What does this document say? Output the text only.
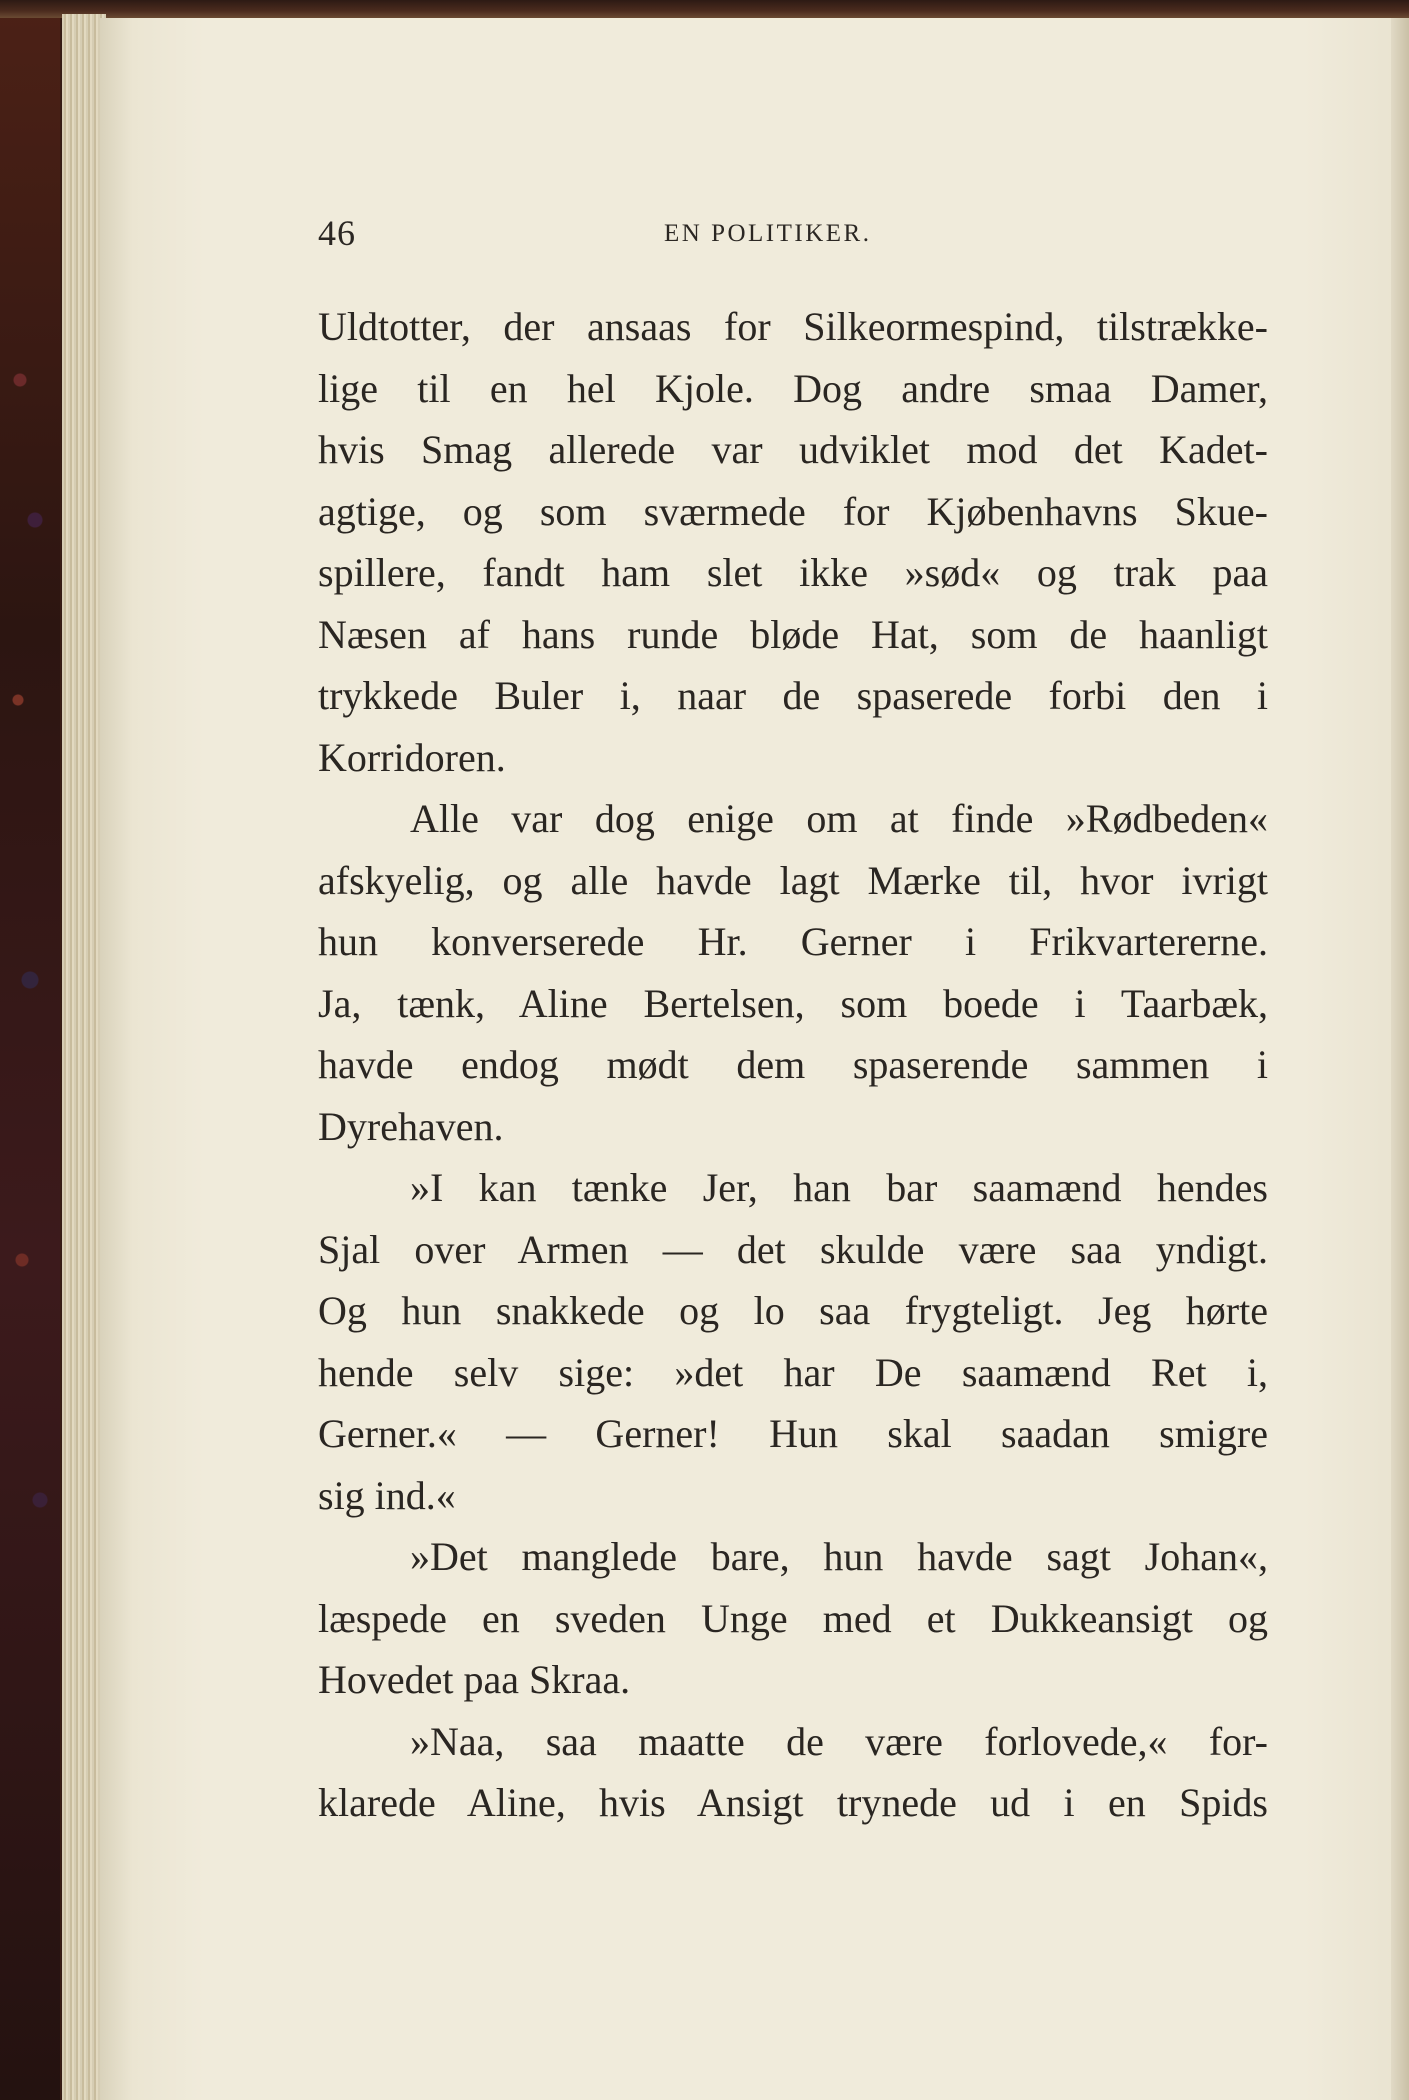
46	EN POLITIKER.
Uldtotter, der ansaas for Silkeormespind, tilstrække-
lige til en hel Kjole. Dog andre smaa Damer,
hvis Smag allerede var udviklet mod det Kadet-
agtige, og som sværmede for Kjøbenhavns Skue-
spillere, fandt ham slet ikke »sød« og trak paa
Næsen af hans runde bløde Hat, som de haanligt
trykkede Buler i, naar de spaserede forbi den i
Korridoren.
Alle var dog enige om at finde »Rødbeden«
afskyelig, og alle havde lagt Mærke til, hvor ivrigt
hun konverserede Hr. Gerner i Frikvartererne.
Ja, tænk, Aline Bertelsen, som boede i Taarbæk,
havde endog mødt dem spaserende sammen i
Dyrehaven.
»I kan tænke Jer, han bar saamænd hendes
Sjal over Armen — det skulde være saa yndigt.
Og hun snakkede og lo saa frygteligt. Jeg hørte
hende selv sige: »det har De saamænd Ret i,
Gerner.« — Gerner! Hun skal saadan smigre
sig ind.«
»Det manglede bare, hun havde sagt Johan«,
læspede en sveden Unge med et Dukkeansigt og
Hovedet paa Skraa.
»Naa, saa maatte de være forlovede,« for-
klarede Aline, hvis Ansigt trynede ud i en Spids
